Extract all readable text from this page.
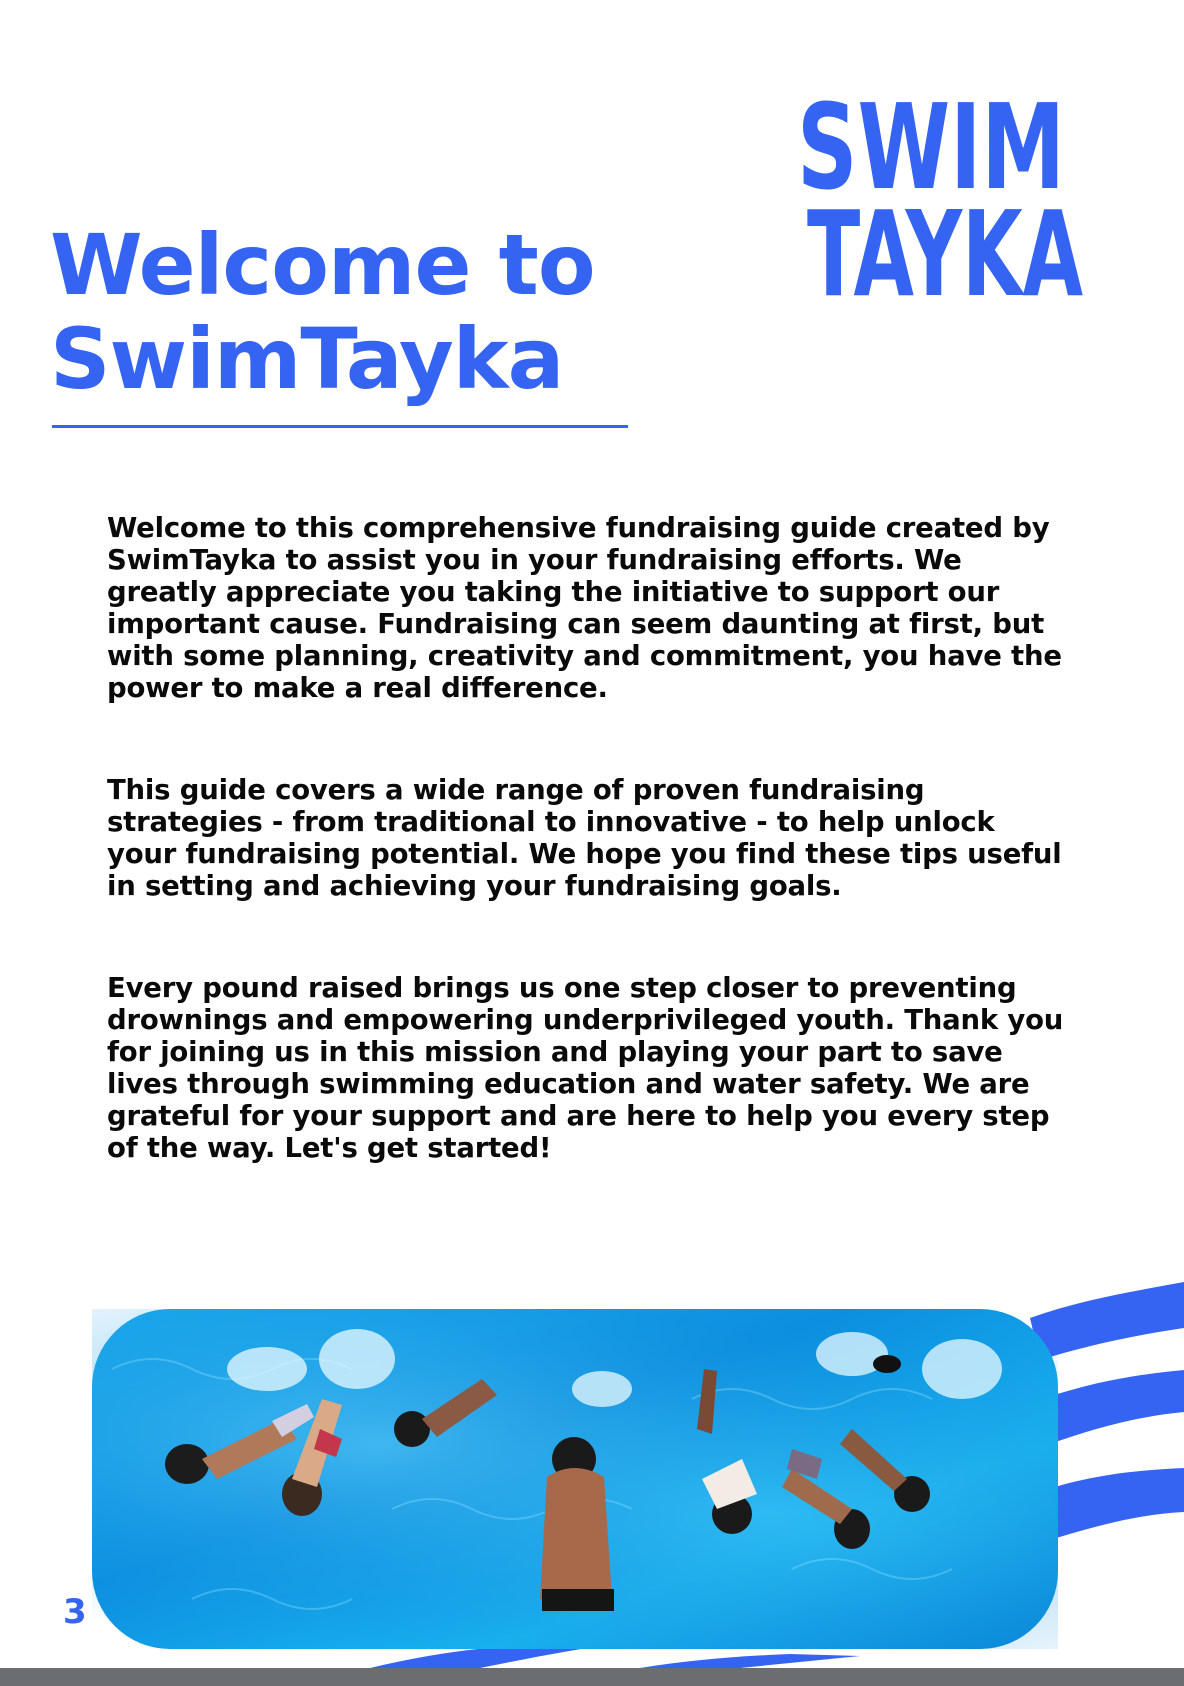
SWIM
TAYKA
Welcome to
SwimTayka

Welcome to this comprehensive fundraising guide created by SwimTayka to assist you in your fundraising efforts. We greatly appreciate you taking the initiative to support our important cause. Fundraising can seem daunting at first, but with some planning, creativity and commitment, you have the power to make a real difference.

This guide covers a wide range of proven fundraising strategies - from traditional to innovative - to help unlock your fundraising potential. We hope you find these tips useful in setting and achieving your fundraising goals.

Every pound raised brings us one step closer to preventing drownings and empowering underprivileged youth. Thank you for joining us in this mission and playing your part to save lives through swimming education and water safety. We are grateful for your support and are here to help you every step of the way. Let's get started!

3
